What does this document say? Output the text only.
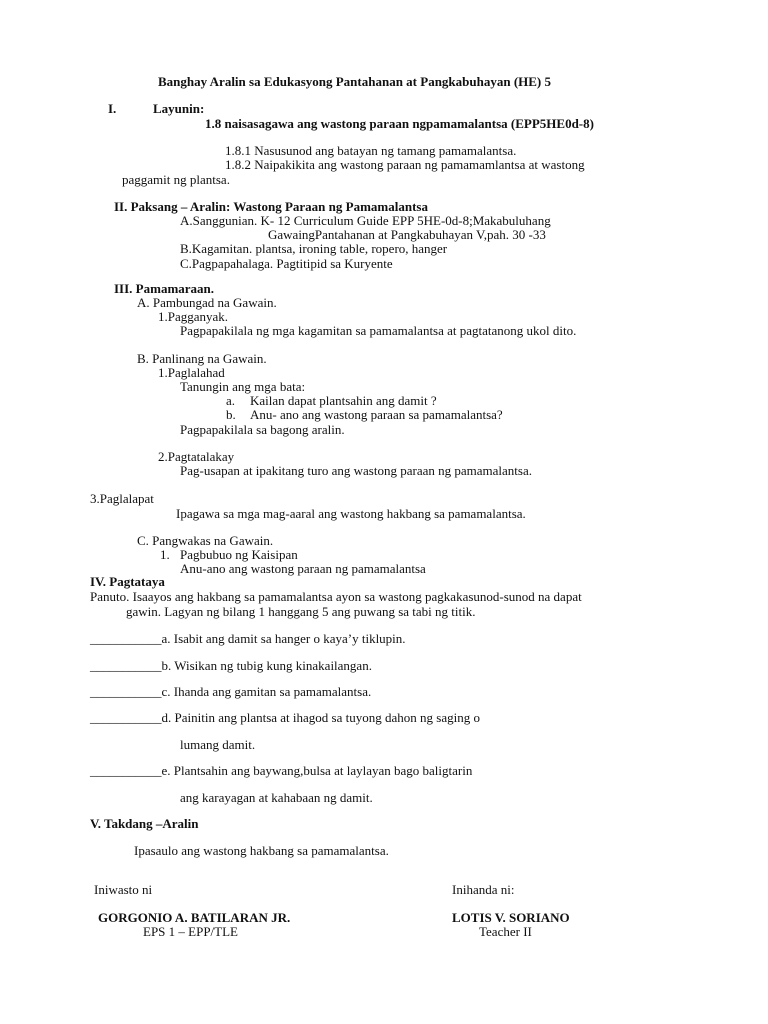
Banghay Aralin sa Edukasyong Pantahanan at Pangkabuhayan (HE) 5
I.	Layunin:
1.8 naisasagawa ang wastong paraan ngpamamalantsa (EPP5HE0d-8)
1.8.1 Nasusunod ang batayan ng tamang pamamalantsa.
1.8.2 Naipakikita ang wastong paraan ng pamamamlantsa at wastong
paggamit ng plantsa.
II. Paksang – Aralin: Wastong Paraan ng Pamamalantsa
A.Sanggunian. K- 12 Curriculum Guide EPP 5HE-0d-8;Makabuluhang
GawaingPantahanan at Pangkabuhayan V,pah. 30 -33
B.Kagamitan. plantsa, ironing table, ropero, hanger
C.Pagpapahalaga. Pagtitipid sa Kuryente
III. Pamamaraan.
A. Pambungad na Gawain.
1.Pagganyak.
Pagpapakilala ng mga kagamitan sa pamamalantsa at pagtatanong ukol dito.
B. Panlinang na Gawain.
1.Paglalahad
Tanungin ang mga bata:
a. Kailan dapat plantsahin ang damit ?
b. Anu- ano ang wastong paraan sa pamamalantsa?
Pagpapakilala sa bagong aralin.
2.Pagtatalakay
Pag-usapan at ipakitang turo ang wastong paraan ng pamamalantsa.
3.Paglalapat
Ipagawa sa mga mag-aaral ang wastong hakbang sa pamamalantsa.
C. Pangwakas na Gawain.
1. Pagbubuo ng Kaisipan
Anu-ano ang wastong paraan ng pamamalantsa
IV. Pagtataya
Panuto. Isaayos ang hakbang sa pamamalantsa ayon sa wastong pagkakasunod-sunod na dapat
gawin. Lagyan ng bilang 1 hanggang 5 ang puwang sa tabi ng titik.
___________a. Isabit ang damit sa hanger o kaya’y tiklupin.
___________b. Wisikan ng tubig kung kinakailangan.
___________c. Ihanda ang gamitan sa pamamalantsa.
___________d. Painitin ang plantsa at ihagod sa tuyong dahon ng saging o
lumang damit.
___________e. Plantsahin ang baywang,bulsa at laylayan bago baligtarin
ang karayagan at kahabaan ng damit.
V. Takdang –Aralin
Ipasaulo ang wastong hakbang sa pamamalantsa.
Iniwasto ni
GORGONIO A. BATILARAN JR.
EPS 1 – EPP/TLE
Inihanda ni:
LOTIS V. SORIANO
Teacher II
